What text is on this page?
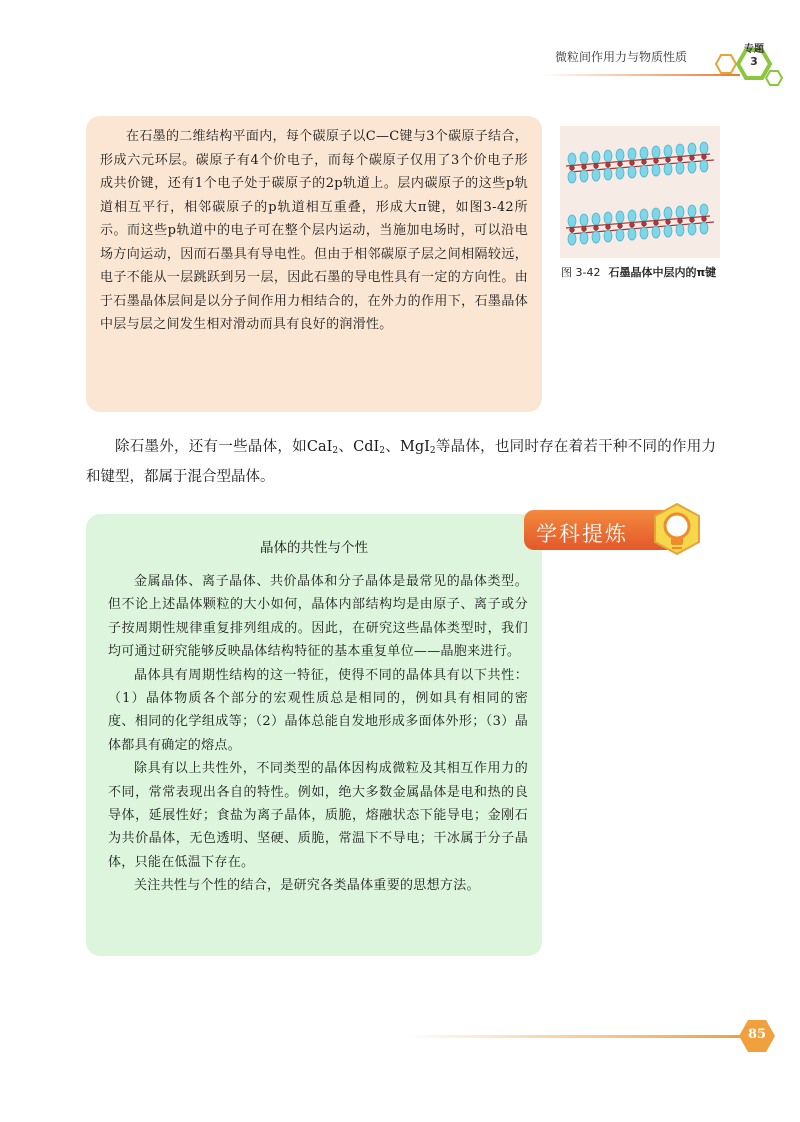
微粒间作用力与物质性质
专题
3

在石墨的二维结构平面内，每个碳原子以C—C键与3个碳原子结合，形成六元环层。碳原子有4个价电子，而每个碳原子仅用了3个价电子形成共价键，还有1个电子处于碳原子的2p轨道上。层内碳原子的这些p轨道相互平行，相邻碳原子的p轨道相互重叠，形成大π键，如图3-42所示。而这些p轨道中的电子可在整个层内运动，当施加电场时，可以沿电场方向运动，因而石墨具有导电性。但由于相邻碳原子层之间相隔较远，电子不能从一层跳跃到另一层，因此石墨的导电性具有一定的方向性。由于石墨晶体层间是以分子间作用力相结合的，在外力的作用下，石墨晶体中层与层之间发生相对滑动而具有良好的润滑性。

图 3-42 石墨晶体中层内的π键

除石墨外，还有一些晶体，如CaI$_2$、CdI$_2$、MgI$_2$等晶体，也同时存在着若干种不同的作用力和键型，都属于混合型晶体。

晶体的共性与个性

金属晶体、离子晶体、共价晶体和分子晶体是最常见的晶体类型。但不论上述晶体颗粒的大小如何，晶体内部结构均是由原子、离子或分子按周期性规律重复排列组成的。因此，在研究这些晶体类型时，我们均可通过研究能够反映晶体结构特征的基本重复单位——晶胞来进行。

晶体具有周期性结构的这一特征，使得不同的晶体具有以下共性：（1）晶体物质各个部分的宏观性质总是相同的，例如具有相同的密度、相同的化学组成等；（2）晶体总能自发地形成多面体外形；（3）晶体都具有确定的熔点。

除具有以上共性外，不同类型的晶体因构成微粒及其相互作用力的不同，常常表现出各自的特性。例如，绝大多数金属晶体是电和热的良导体，延展性好；食盐为离子晶体，质脆，熔融状态下能导电；金刚石为共价晶体，无色透明、坚硬、质脆，常温下不导电；干冰属于分子晶体，只能在低温下存在。

关注共性与个性的结合，是研究各类晶体重要的思想方法。

学科提炼
85
